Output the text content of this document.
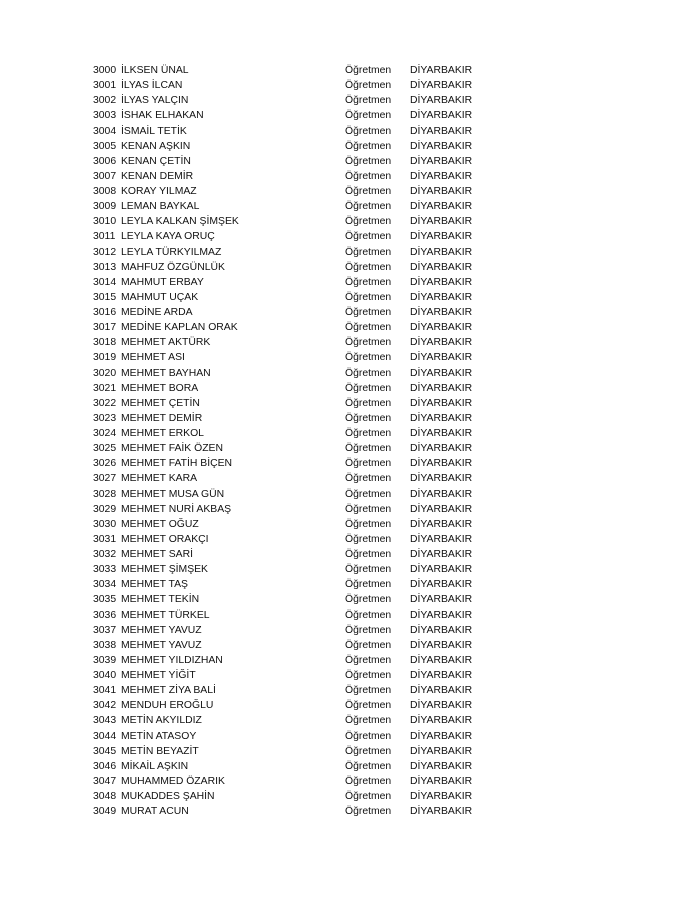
3000 İLKSEN ÜNAL	Öğretmen DİYARBAKIR
3001 İLYAS İLCAN	Öğretmen DİYARBAKIR
3002 İLYAS YALÇIN	Öğretmen DİYARBAKIR
3003 İSHAK ELHAKAN	Öğretmen DİYARBAKIR
3004 İSMAİL TETİK	Öğretmen DİYARBAKIR
3005 KENAN AŞKIN	Öğretmen DİYARBAKIR
3006 KENAN ÇETİN	Öğretmen DİYARBAKIR
3007 KENAN DEMİR	Öğretmen DİYARBAKIR
3008 KORAY YILMAZ	Öğretmen DİYARBAKIR
3009 LEMAN BAYKAL	Öğretmen DİYARBAKIR
3010 LEYLA KALKAN ŞİMŞEK	Öğretmen DİYARBAKIR
3011 LEYLA KAYA ORUÇ	Öğretmen DİYARBAKIR
3012 LEYLA TÜRKYILMAZ	Öğretmen DİYARBAKIR
3013 MAHFUZ ÖZGÜNLÜK	Öğretmen DİYARBAKIR
3014 MAHMUT ERBAY	Öğretmen DİYARBAKIR
3015 MAHMUT UÇAK	Öğretmen DİYARBAKIR
3016 MEDİNE ARDA	Öğretmen DİYARBAKIR
3017 MEDİNE KAPLAN ORAK	Öğretmen DİYARBAKIR
3018 MEHMET AKTÜRK	Öğretmen DİYARBAKIR
3019 MEHMET ASI	Öğretmen DİYARBAKIR
3020 MEHMET BAYHAN	Öğretmen DİYARBAKIR
3021 MEHMET BORA	Öğretmen DİYARBAKIR
3022 MEHMET ÇETİN	Öğretmen DİYARBAKIR
3023 MEHMET DEMİR	Öğretmen DİYARBAKIR
3024 MEHMET ERKOL	Öğretmen DİYARBAKIR
3025 MEHMET FAİK ÖZEN	Öğretmen DİYARBAKIR
3026 MEHMET FATİH BİÇEN	Öğretmen DİYARBAKIR
3027 MEHMET KARA	Öğretmen DİYARBAKIR
3028 MEHMET MUSA GÜN	Öğretmen DİYARBAKIR
3029 MEHMET NURİ AKBAŞ	Öğretmen DİYARBAKIR
3030 MEHMET OĞUZ	Öğretmen DİYARBAKIR
3031 MEHMET ORAKÇI	Öğretmen DİYARBAKIR
3032 MEHMET SARİ	Öğretmen DİYARBAKIR
3033 MEHMET ŞİMŞEK	Öğretmen DİYARBAKIR
3034 MEHMET TAŞ	Öğretmen DİYARBAKIR
3035 MEHMET TEKİN	Öğretmen DİYARBAKIR
3036 MEHMET TÜRKEL	Öğretmen DİYARBAKIR
3037 MEHMET YAVUZ	Öğretmen DİYARBAKIR
3038 MEHMET YAVUZ	Öğretmen DİYARBAKIR
3039 MEHMET YILDIZHAN	Öğretmen DİYARBAKIR
3040 MEHMET YİĞİT	Öğretmen DİYARBAKIR
3041 MEHMET ZİYA BALİ	Öğretmen DİYARBAKIR
3042 MENDUH EROĞLU	Öğretmen DİYARBAKIR
3043 METİN AKYILDIZ	Öğretmen DİYARBAKIR
3044 METİN ATASOY	Öğretmen DİYARBAKIR
3045 METİN BEYAZİT	Öğretmen DİYARBAKIR
3046 MİKAİL AŞKIN	Öğretmen DİYARBAKIR
3047 MUHAMMED ÖZARIK	Öğretmen DİYARBAKIR
3048 MUKADDES ŞAHİN	Öğretmen DİYARBAKIR
3049 MURAT ACUN	Öğretmen DİYARBAKIR
